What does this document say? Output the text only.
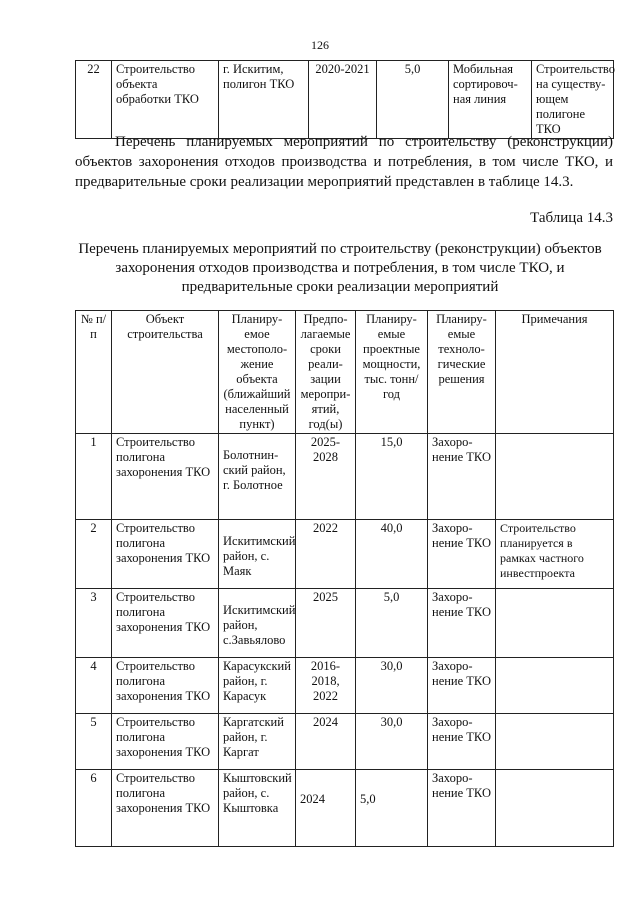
126
22	Строительство объекта обработки ТКО	г. Искитим, полигон ТКО	2020-2021	5,0	Мобильная сортировоч-ная линия	Строительство на существу-ющем полигоне ТКО

Перечень планируемых мероприятий по строительству (реконструкции) объектов захоронения отходов производства и потребления, в том числе ТКО, и предварительные сроки реализации мероприятий представлен в таблице 14.3.

Таблица 14.3

Перечень планируемых мероприятий по строительству (реконструкции) объектов захоронения отходов производства и потребления, в том числе ТКО, и предварительные сроки реализации мероприятий

№ п/п	Объект строительства	Планиру-емое местополо-жение объекта (ближайший населенный пункт)	Предпо-лагаемые сроки реали-зации меропри-ятий, год(ы)	Планиру-емые проектные мощности, тыс. тонн/год	Планиру-емые техноло-гические решения	Примечания
1	Строительство полигона захоронения ТКО	Болотнин-ский район, г. Болотное	2025-2028	15,0	Захоро-нение ТКО	
2	Строительство полигона захоронения ТКО	Искитимский район, с. Маяк	2022	40,0	Захоро-нение ТКО	Строительство планируется в рамках частного инвестпроекта
3	Строительство полигона захоронения ТКО	Искитимский район, с.Завьялово	2025	5,0	Захоро-нение ТКО	
4	Строительство полигона захоронения ТКО	Карасукский район, г. Карасук	2016-2018, 2022	30,0	Захоро-нение ТКО	
5	Строительство полигона захоронения ТКО	Каргатский район, г. Каргат	2024	30,0	Захоро-нение ТКО	
6	Строительство полигона захоронения ТКО	Кыштовский район, с. Кыштовка	2024	5,0	Захоро-нение ТКО	
